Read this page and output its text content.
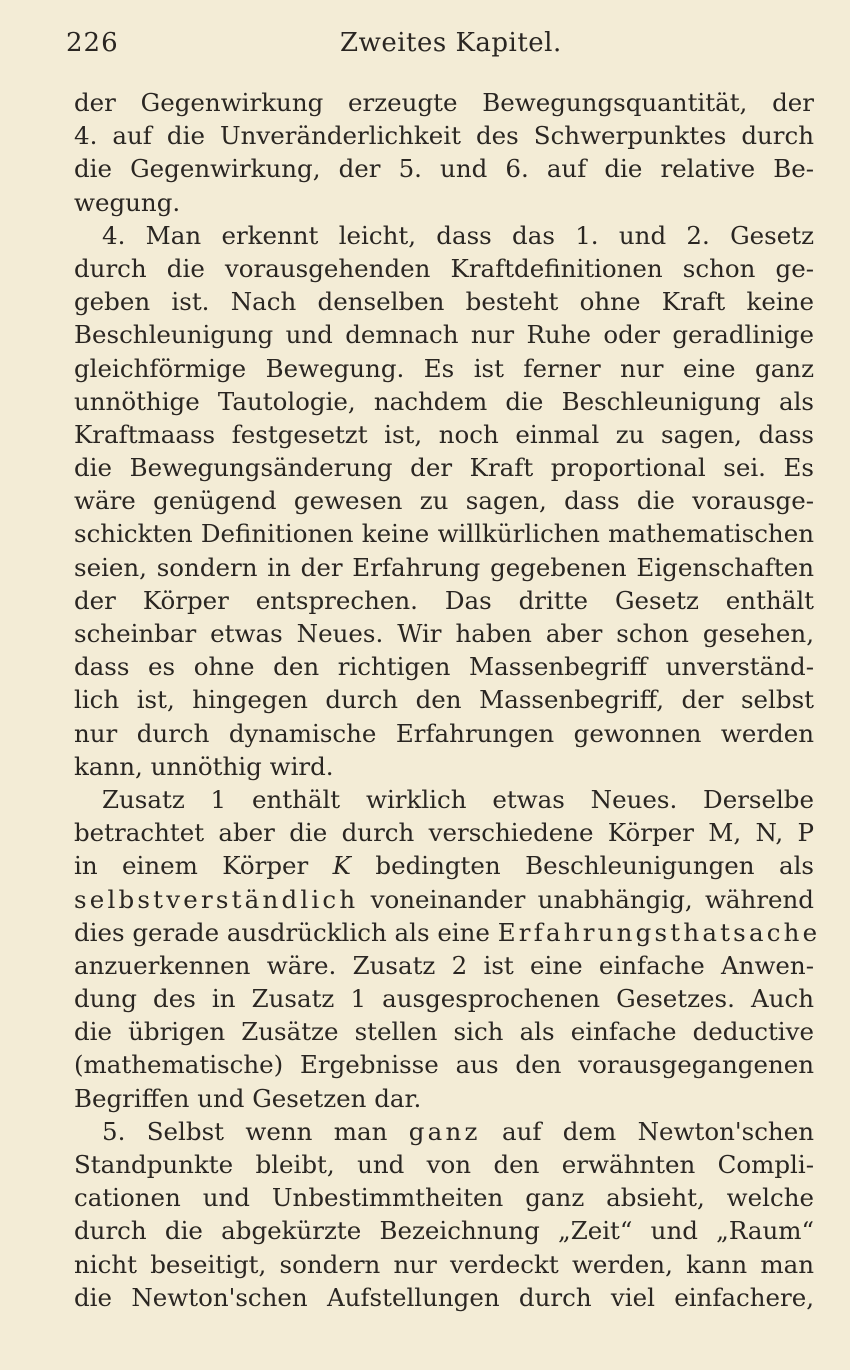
226	Zweites Kapitel.
der Gegenwirkung erzeugte Bewegungsquantität, der
4. auf die Unveränderlichkeit des Schwerpunktes durch
die Gegenwirkung, der 5. und 6. auf die relative Be-
wegung.
4. Man erkennt leicht, dass das 1. und 2. Gesetz
durch die vorausgehenden Kraftdefinitionen schon ge-
geben ist. Nach denselben besteht ohne Kraft keine
Beschleunigung und demnach nur Ruhe oder geradlinige
gleichförmige Bewegung. Es ist ferner nur eine ganz
unnöthige Tautologie, nachdem die Beschleunigung als
Kraftmaass festgesetzt ist, noch einmal zu sagen, dass
die Bewegungsänderung der Kraft proportional sei. Es
wäre genügend gewesen zu sagen, dass die vorausge-
schickten Definitionen keine willkürlichen mathematischen
seien, sondern in der Erfahrung gegebenen Eigenschaften
der Körper entsprechen. Das dritte Gesetz enthält
scheinbar etwas Neues. Wir haben aber schon gesehen,
dass es ohne den richtigen Massenbegriff unverständ-
lich ist, hingegen durch den Massenbegriff, der selbst
nur durch dynamische Erfahrungen gewonnen werden
kann, unnöthig wird.
Zusatz 1 enthält wirklich etwas Neues. Derselbe
betrachtet aber die durch verschiedene Körper M, N, P
in einem Körper K bedingten Beschleunigungen als
selbstverständlich voneinander unabhängig, während
dies gerade ausdrücklich als eine Erfahrungsthatsache
anzuerkennen wäre. Zusatz 2 ist eine einfache Anwen-
dung des in Zusatz 1 ausgesprochenen Gesetzes. Auch
die übrigen Zusätze stellen sich als einfache deductive
(mathematische) Ergebnisse aus den vorausgegangenen
Begriffen und Gesetzen dar.
5. Selbst wenn man ganz auf dem Newton'schen
Standpunkte bleibt, und von den erwähnten Compli-
cationen und Unbestimmtheiten ganz absieht, welche
durch die abgekürzte Bezeichnung „Zeit“ und „Raum“
nicht beseitigt, sondern nur verdeckt werden, kann man
die Newton'schen Aufstellungen durch viel einfachere,
